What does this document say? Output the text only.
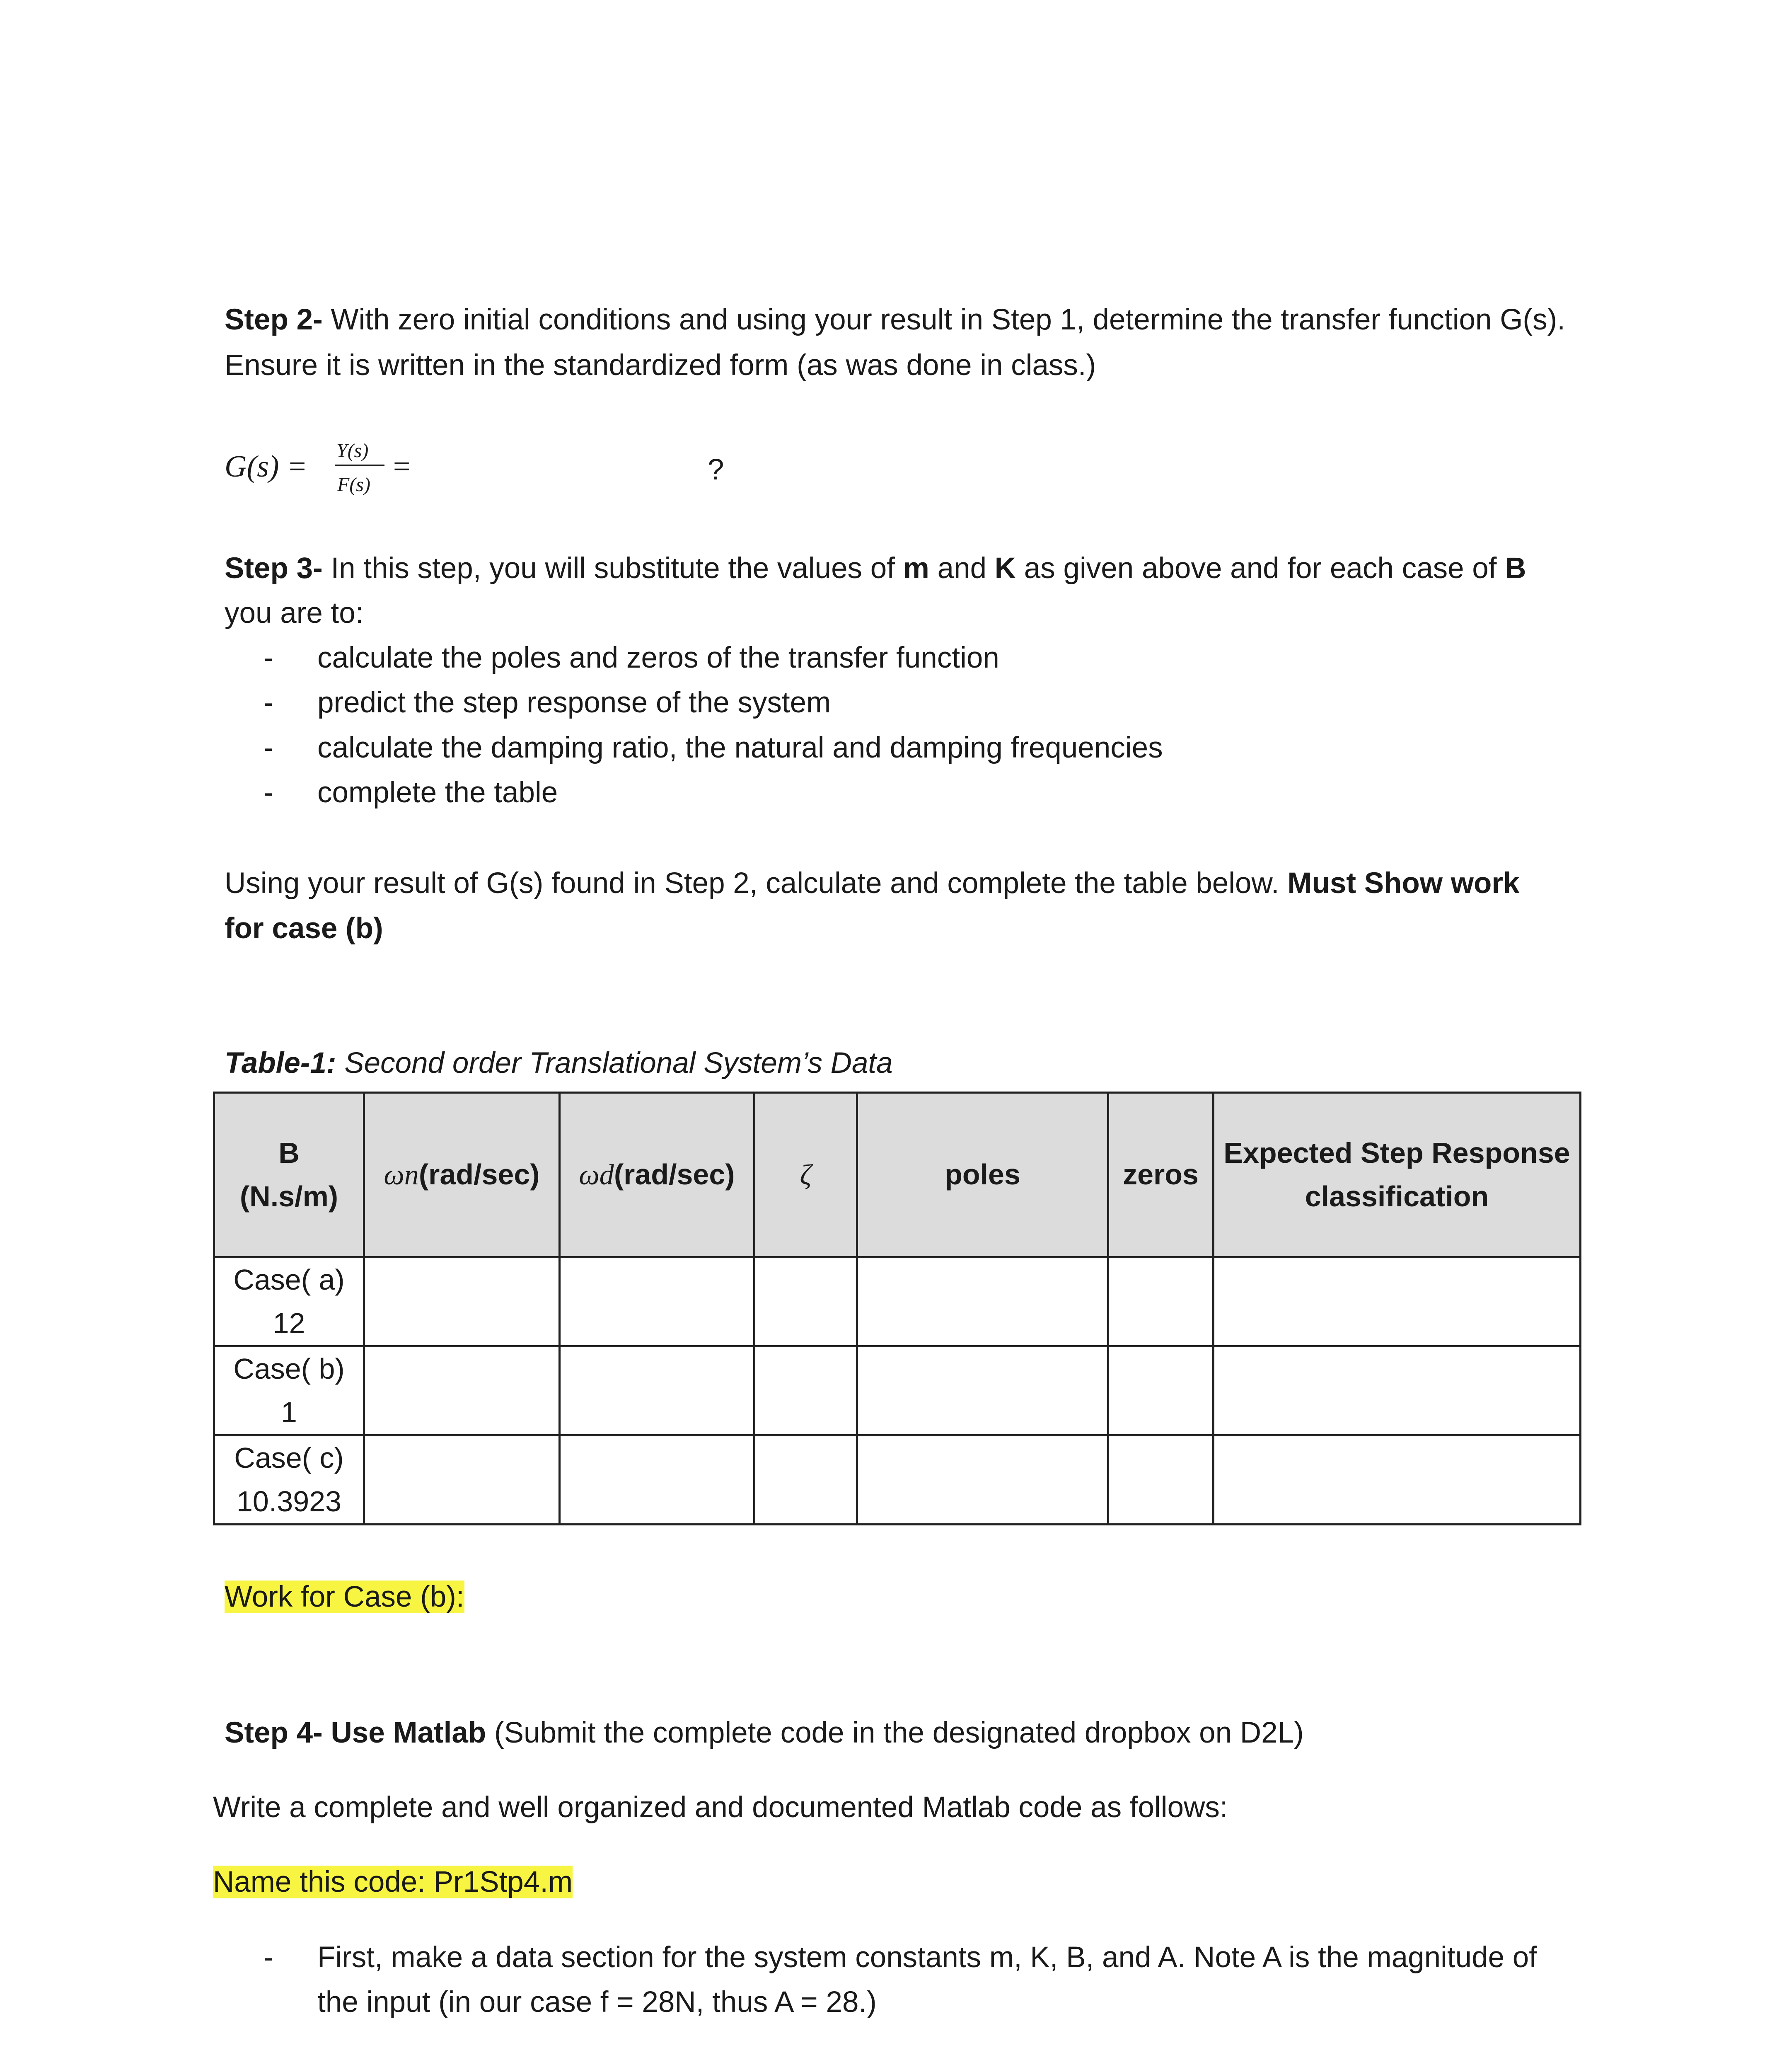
Step 2- With zero initial conditions and using your result in Step 1, determine the transfer function G(s).
Ensure it is written in the standardized form (as was done in class.)
G(s) = Y(s)
F(s)
=	?
Step 3- In this step, you will substitute the values of m and K as given above and for each case of B
you are to:
- calculate the poles and zeros of the transfer function
- predict the step response of the system
- calculate the damping ratio, the natural and damping frequencies
- complete the table
Using your result of G(s) found in Step 2, calculate and complete the table below. Must Show work
for case (b)
Table-1: Second order Translational System’s Data
B
(N.s/m)	ωn(rad/sec)	ωd(rad/sec)	ζ	poles	zeros	Expected Step Response
classification

Case( a)
12						

Case( b)
1						

Case( c)
10.3923						

Work for Case (b):
Step 4- Use Matlab (Submit the complete code in the designated dropbox on D2L)
Write a complete and well organized and documented Matlab code as follows:
Name this code: Pr1Stp4.m
- First, make a data section for the system constants m, K, B, and A. Note A is the magnitude of
the input (in our case f = 28N, thus A = 28.)
